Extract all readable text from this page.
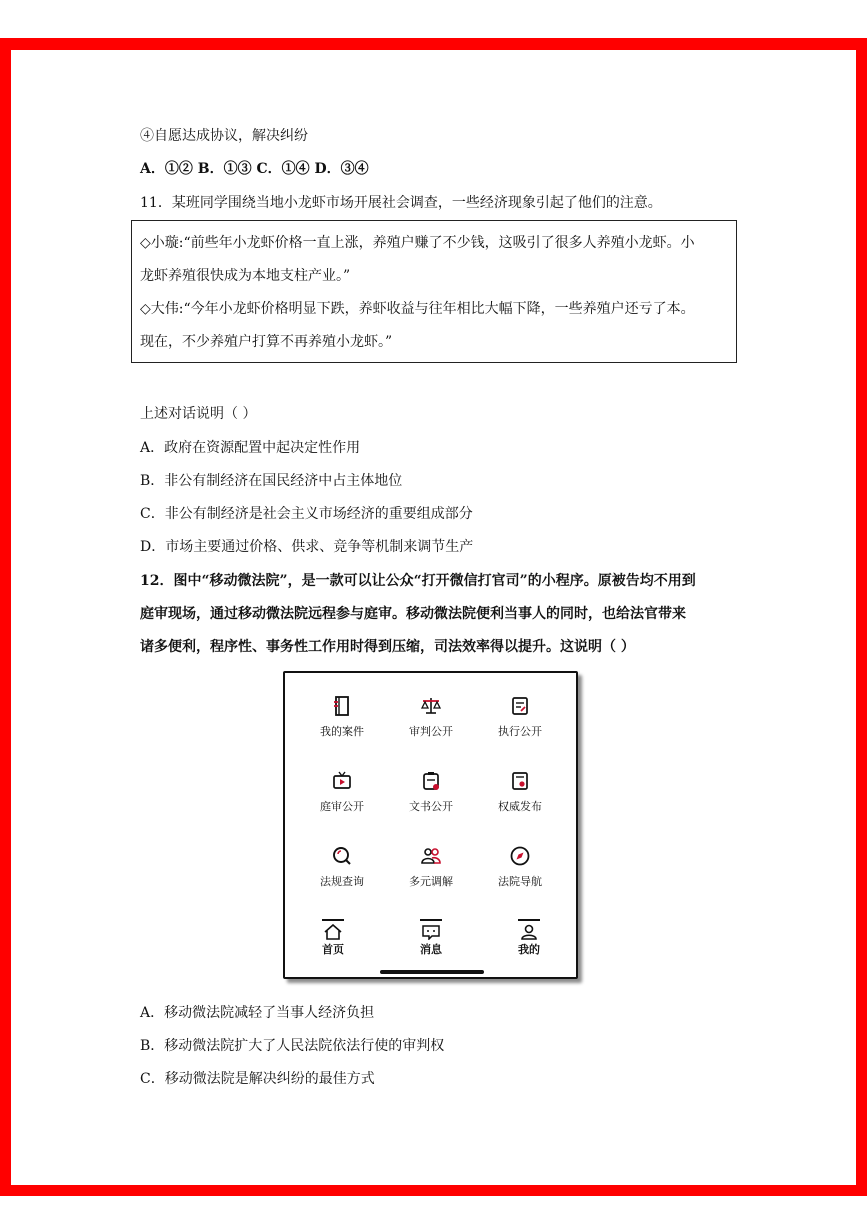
④自愿达成协议，解决纠纷
A．①② B．①③ C．①④ D．③④
11．某班同学围绕当地小龙虾市场开展社会调查，一些经济现象引起了他们的注意。
◇小璇:“前些年小龙虾价格一直上涨，养殖户赚了不少钱，这吸引了很多人养殖小龙虾。小
龙虾养殖很快成为本地支柱产业。”
◇大伟:“今年小龙虾价格明显下跌，养虾收益与往年相比大幅下降，一些养殖户还亏了本。
现在，不少养殖户打算不再养殖小龙虾。”
上述对话说明（ ）
A．政府在资源配置中起决定性作用
B．非公有制经济在国民经济中占主体地位
C．非公有制经济是社会主义市场经济的重要组成部分
D．市场主要通过价格、供求、竞争等机制来调节生产
12．图中“移动微法院”，是一款可以让公众“打开微信打官司”的小程序。原被告均不用到
庭审现场，通过移动微法院远程参与庭审。移动微法院便利当事人的同时，也给法官带来
诸多便利，程序性、事务性工作用时得到压缩，司法效率得以提升。这说明（ ）
我的案件	审判公开	执行公开
庭审公开	文书公开	权威发布
法规查询	多元调解	法院导航
首页	消息	我的
A．移动微法院减轻了当事人经济负担
B．移动微法院扩大了人民法院依法行使的审判权
C．移动微法院是解决纠纷的最佳方式
